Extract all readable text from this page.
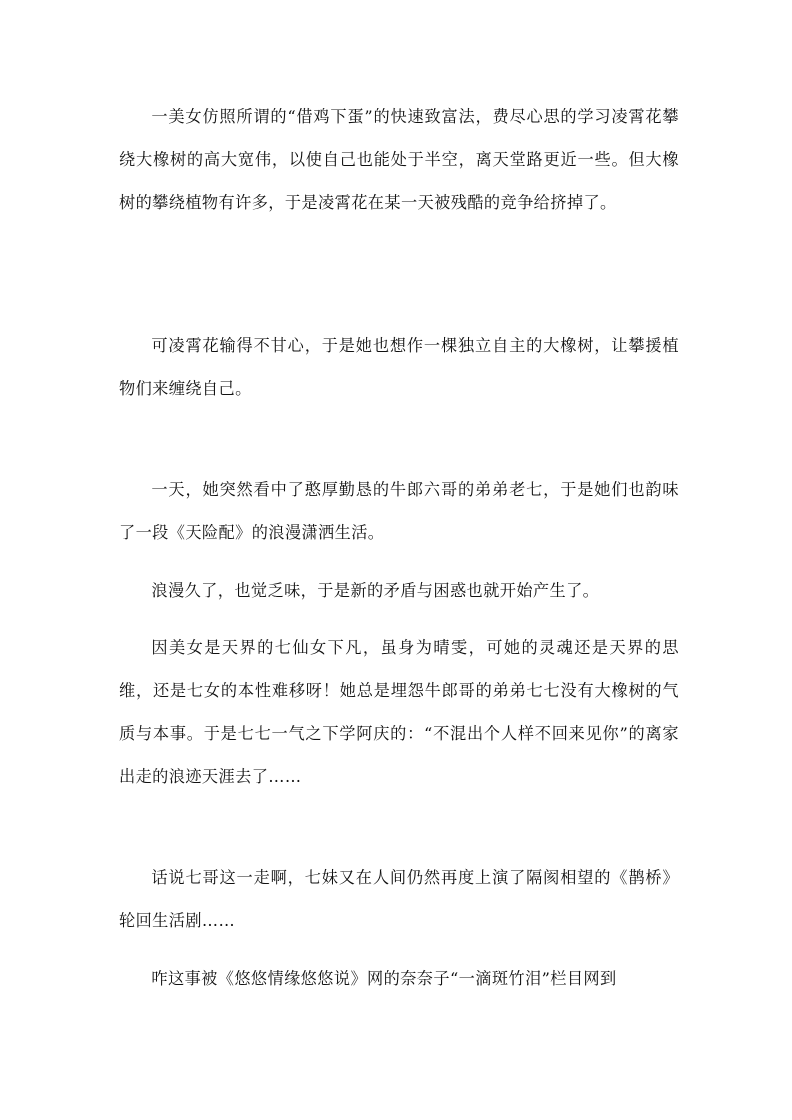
一美女仿照所谓的“借鸡下蛋”的快速致富法，费尽心思的学习凌霄花攀绕大橡树的高大宽伟，以使自己也能处于半空，离天堂路更近一些。但大橡树的攀绕植物有许多，于是凌霄花在某一天被残酷的竞争给挤掉了。

可凌霄花输得不甘心，于是她也想作一棵独立自主的大橡树，让攀援植物们来缠绕自己。

一天，她突然看中了憨厚勤恳的牛郎六哥的弟弟老七，于是她们也韵味了一段《天险配》的浪漫潇洒生活。

浪漫久了，也觉乏味，于是新的矛盾与困惑也就开始产生了。

因美女是天界的七仙女下凡，虽身为晴雯，可她的灵魂还是天界的思维，还是七女的本性难移呀！她总是埋怨牛郎哥的弟弟七七没有大橡树的气质与本事。于是七七一气之下学阿庆的：“不混出个人样不回来见你”的离家出走的浪迹天涯去了……

话说七哥这一走啊，七妹又在人间仍然再度上演了隔阂相望的《鹊桥》轮回生活剧……

咋这事被《悠悠情缘悠悠说》网的奈奈子“一滴斑竹泪”栏目网到
